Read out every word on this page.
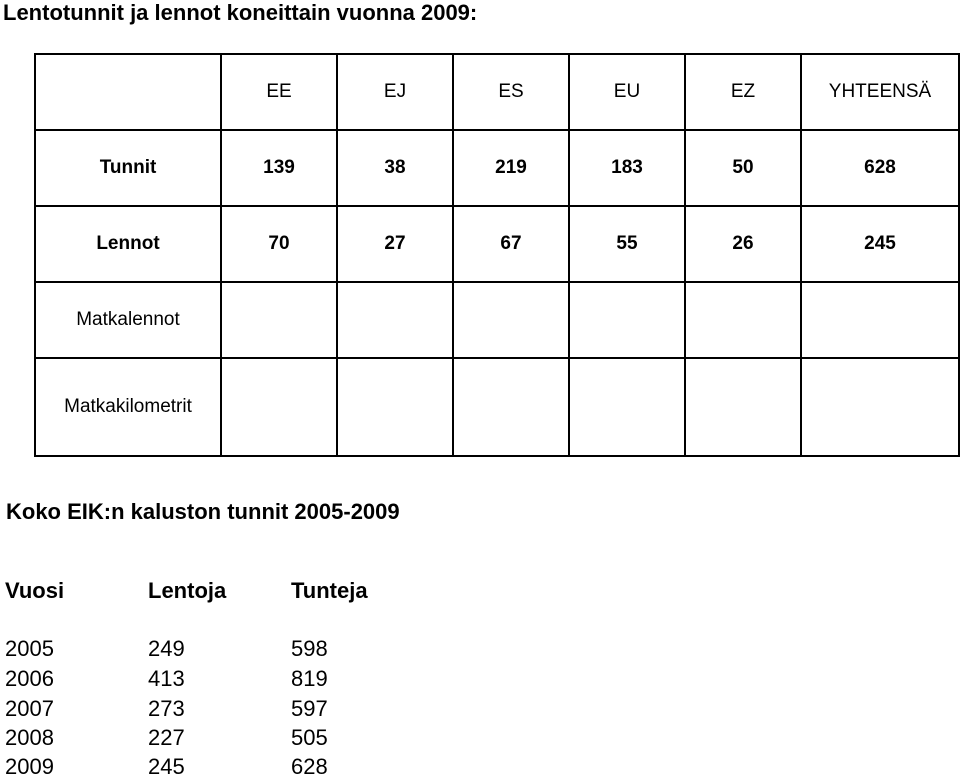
Lentotunnit ja lennot koneittain vuonna 2009:
	EE	EJ	ES	EU	EZ	YHTEENSÄ
Tunnit	139	38	219	183	50	628
Lennot	70	27	67	55	26	245
Matkalennot						
Matkakilometrit						
Koko EIK:n kaluston tunnit 2005-2009
Vuosi	Lentoja	Tunteja
2005	249	598
2006	413	819
2007	273	597
2008	227	505
2009	245	628
